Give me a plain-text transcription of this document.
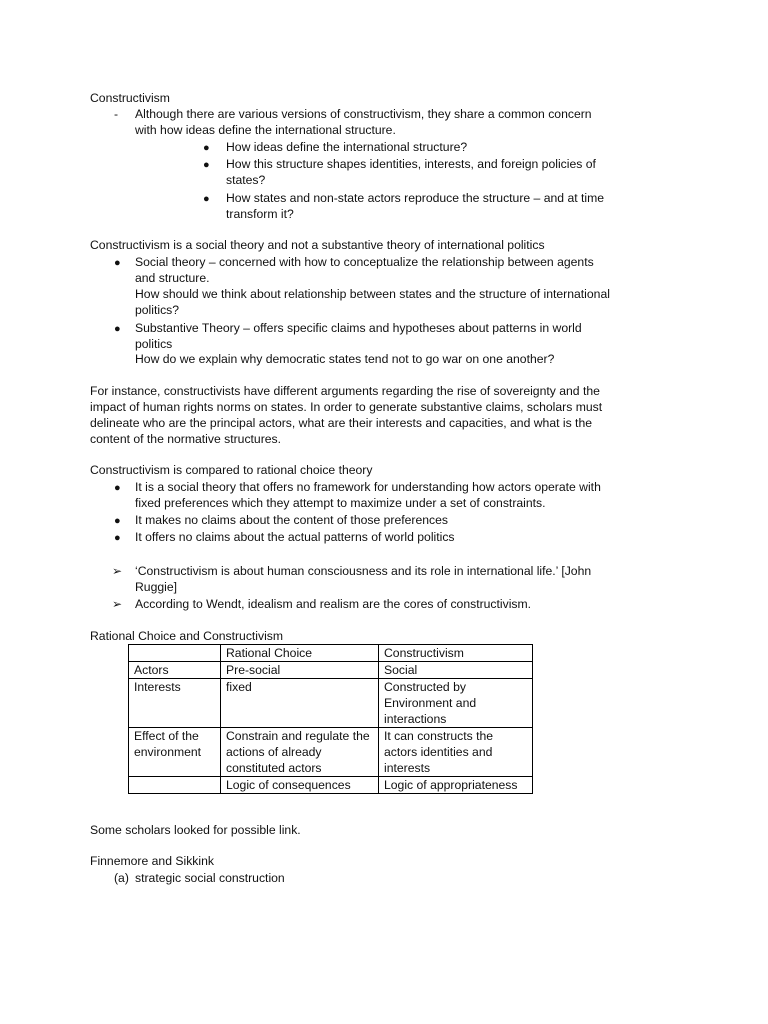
Constructivism
- Although there are various versions of constructivism, they share a common concern
with how ideas define the international structure.
● How ideas define the international structure?
● How this structure shapes identities, interests, and foreign policies of
states?
● How states and non-state actors reproduce the structure – and at time
transform it?
Constructivism is a social theory and not a substantive theory of international politics
● Social theory – concerned with how to conceptualize the relationship between agents
and structure.
How should we think about relationship between states and the structure of international
politics?
● Substantive Theory – offers specific claims and hypotheses about patterns in world
politics
How do we explain why democratic states tend not to go war on one another?
For instance, constructivists have different arguments regarding the rise of sovereignty and the
impact of human rights norms on states. In order to generate substantive claims, scholars must
delineate who are the principal actors, what are their interests and capacities, and what is the
content of the normative structures.
Constructivism is compared to rational choice theory
● It is a social theory that offers no framework for understanding how actors operate with
fixed preferences which they attempt to maximize under a set of constraints.
● It makes no claims about the content of those preferences
● It offers no claims about the actual patterns of world politics
➢ ‘Constructivism is about human consciousness and its role in international life.’ [John
Ruggie]
➢ According to Wendt, idealism and realism are the cores of constructivism.
Rational Choice and Constructivism
	Rational Choice	Constructivism
Actors	Pre-social	Social
Interests	fixed	Constructed by Environment and interactions
Effect of the environment	Constrain and regulate the actions of already constituted actors	It can constructs the actors identities and interests
	Logic of consequences	Logic of appropriateness
Some scholars looked for possible link.
Finnemore and Sikkink
(a) strategic social construction
